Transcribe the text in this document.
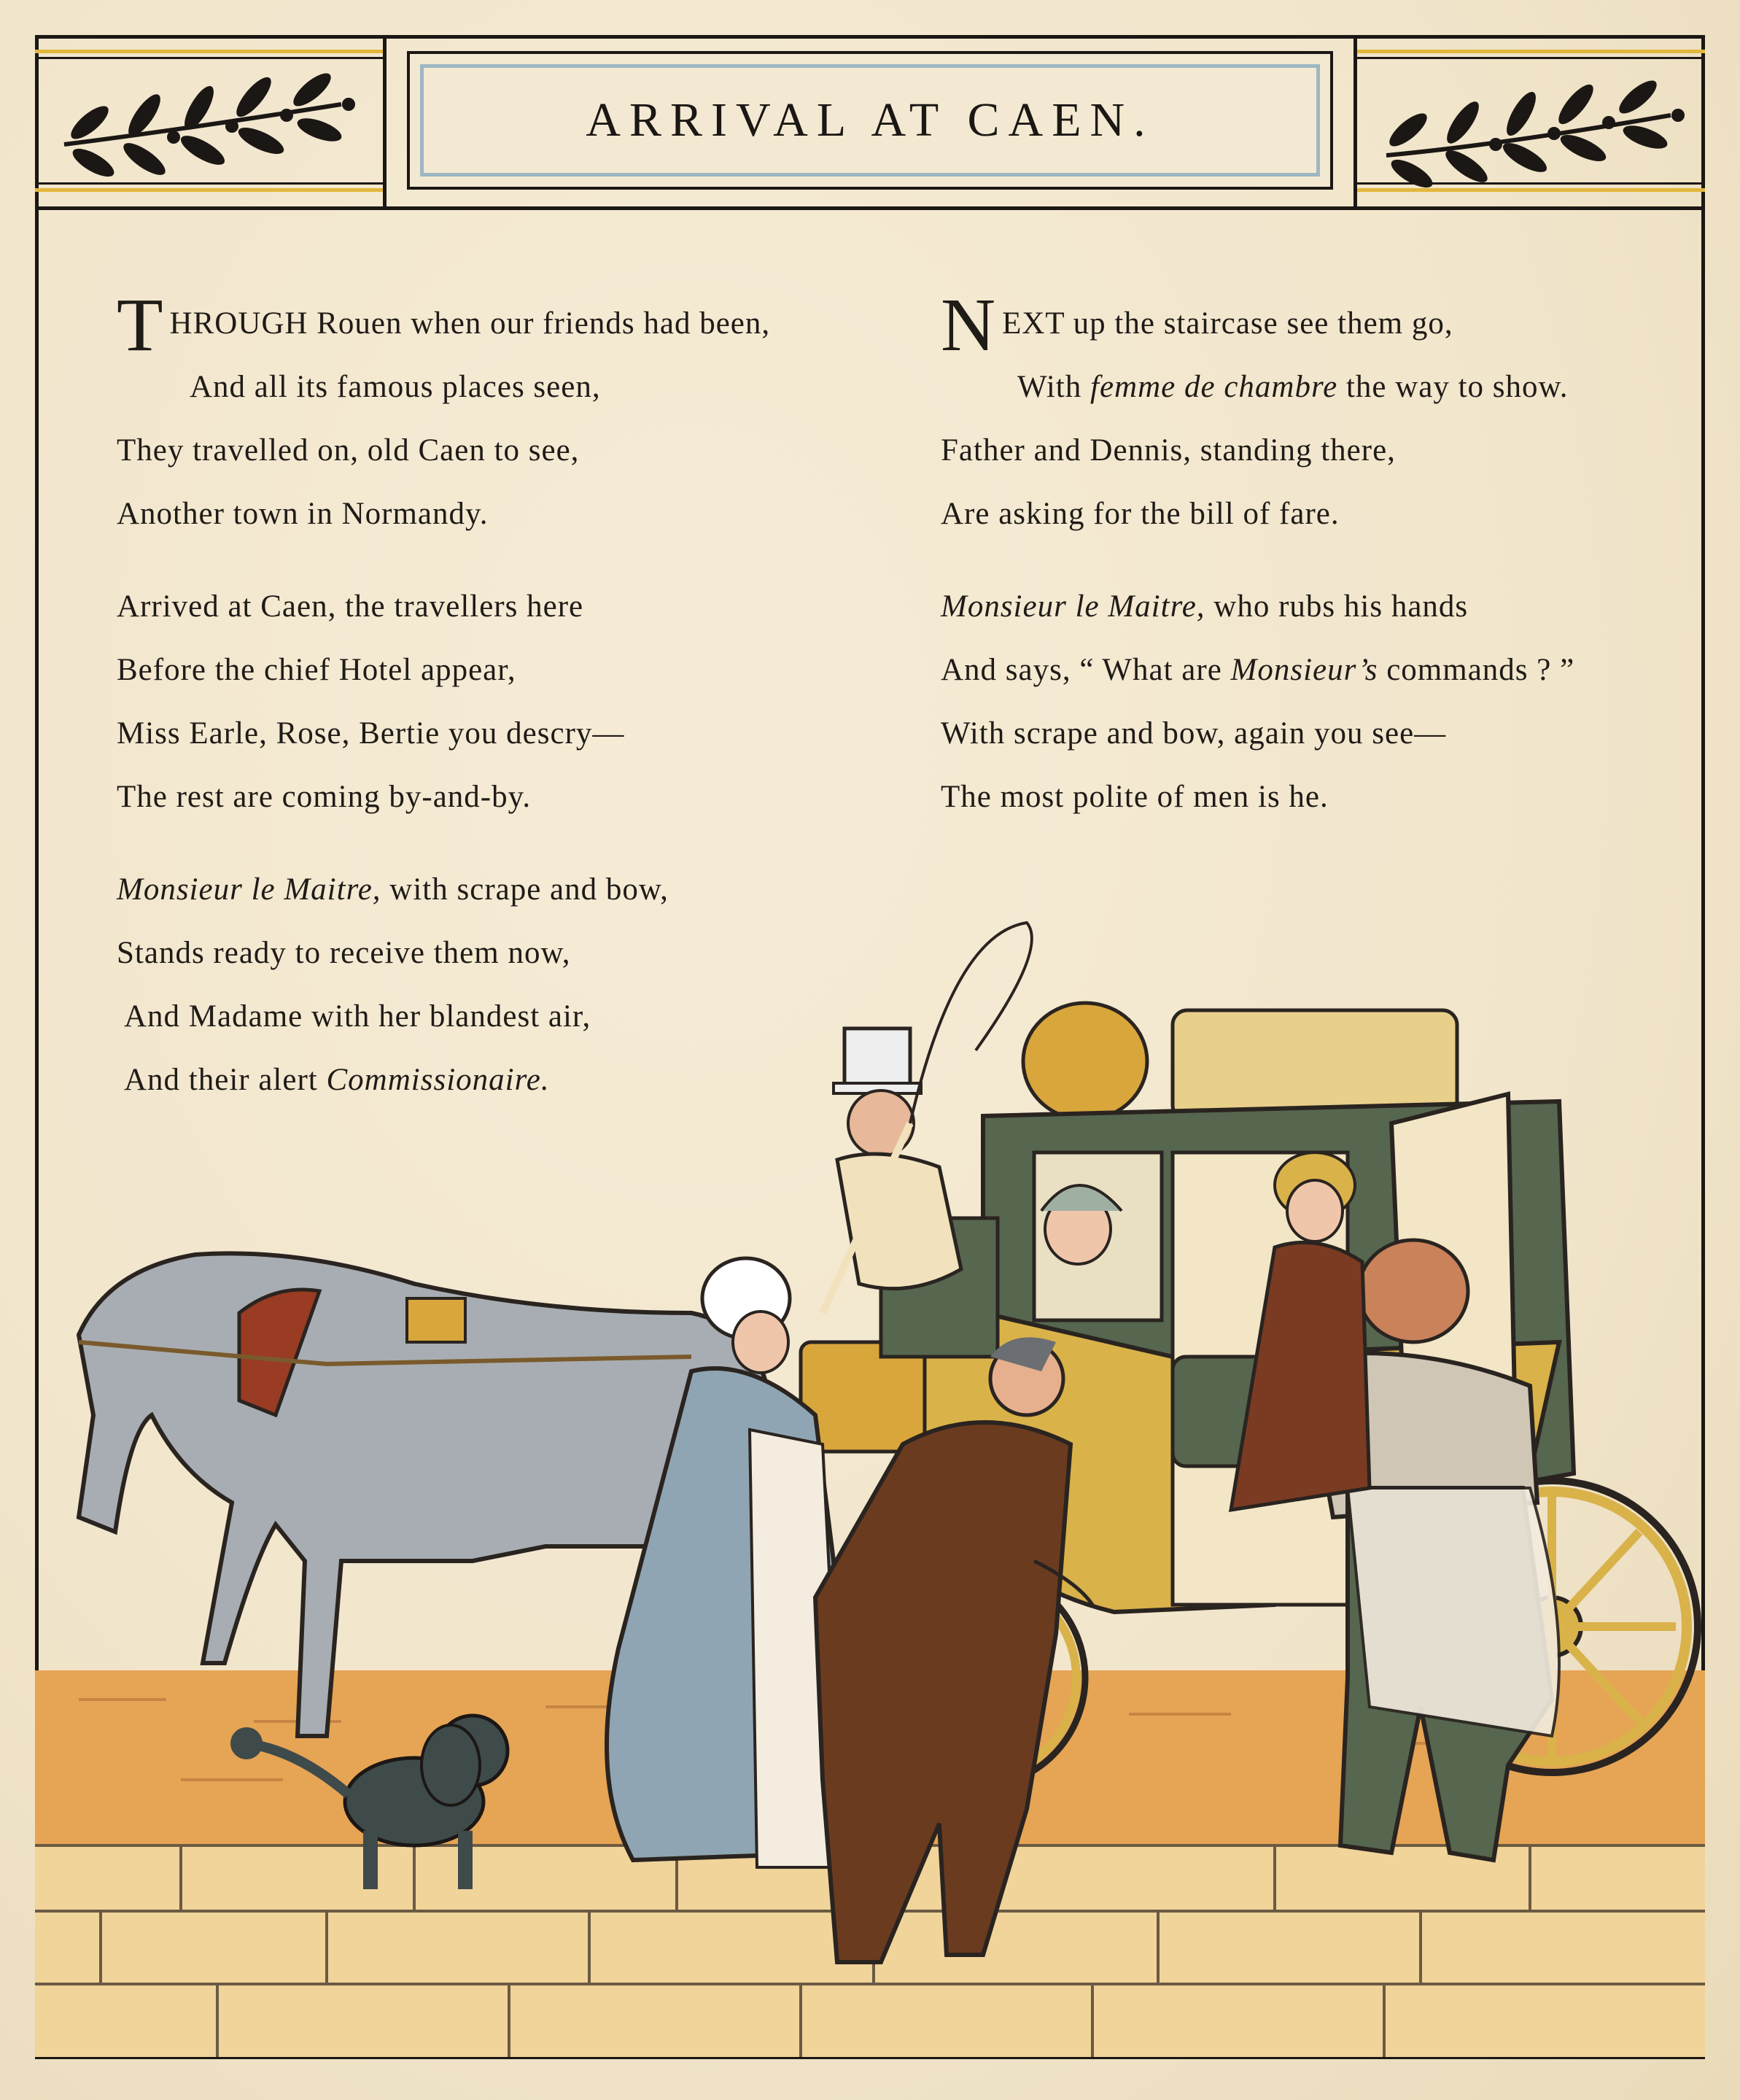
ARRIVAL AT CAEN.
THROUGH Rouen when our friends had been,
And all its famous places seen,
They travelled on, old Caen to see,
Another town in Normandy.
Arrived at Caen, the travellers here
Before the chief Hotel appear,
Miss Earle, Rose, Bertie you descry—
The rest are coming by-and-by.
Monsieur le Maitre, with scrape and bow,
Stands ready to receive them now,
And Madame with her blandest air,
And their alert Commissionaire.
NEXT up the staircase see them go,
With femme de chambre the way to show.
Father and Dennis, standing there,
Are asking for the bill of fare.
Monsieur le Maitre, who rubs his hands
And says, “ What are Monsieur’s commands ? ”
With scrape and bow, again you see—
The most polite of men is he.
